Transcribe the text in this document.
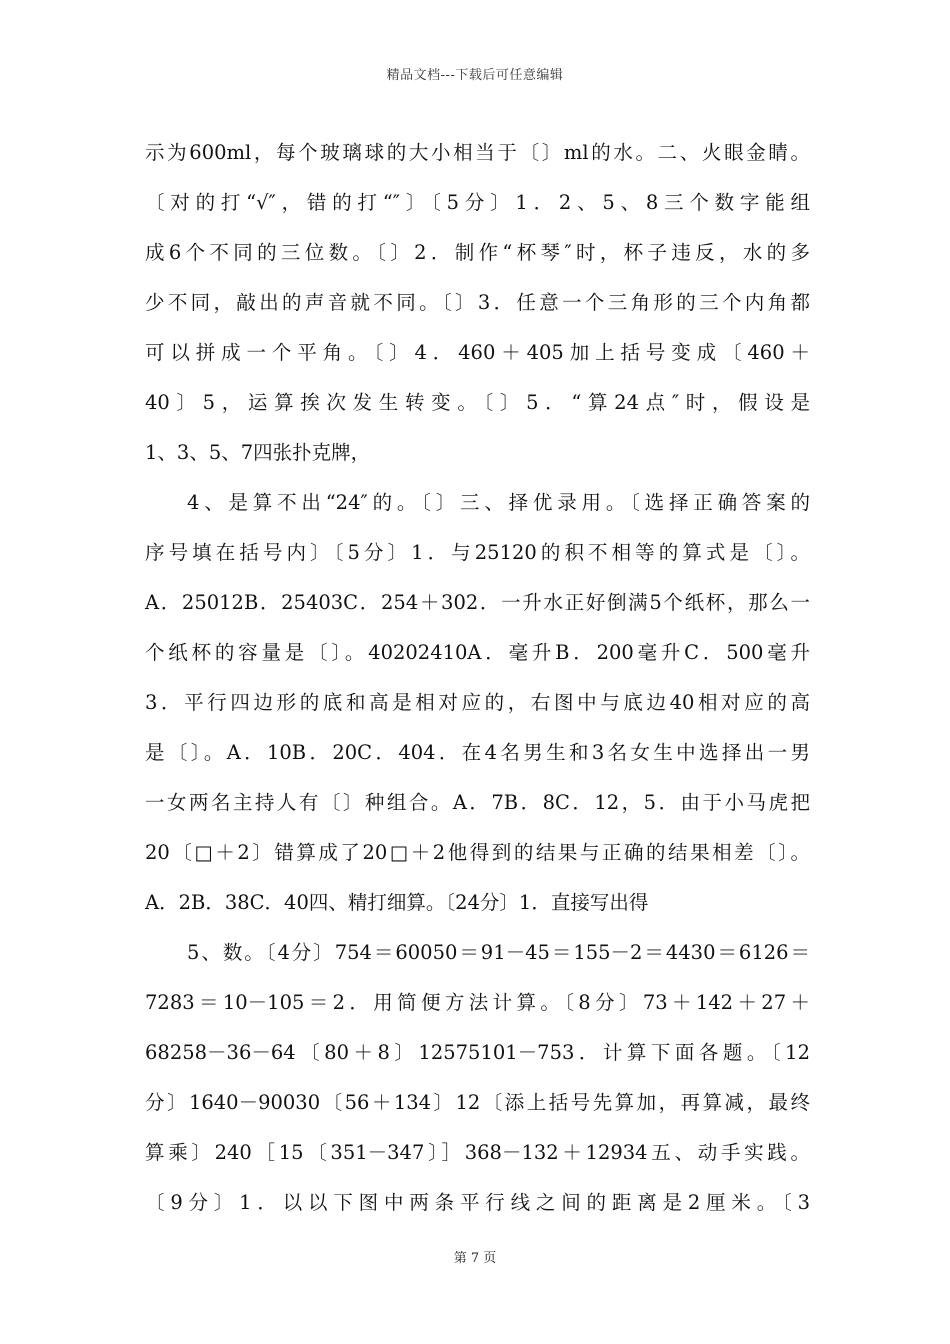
精品文档---下载后可任意编辑
示为600ml，每个玻璃球的大小相当于〔〕ml的水。二、火眼金睛。
〔对的打“√″，错的打“″〕〔5分〕1．2、5、8三个数字能组
成6个不同的三位数。〔〕2．制作“杯琴″时，杯子违反，水的多
少不同，敲出的声音就不同。〔〕3．任意一个三角形的三个内角都
可以拼成一个平角。〔〕4．460＋405加上括号变成〔460＋
40〕5，运算挨次发生转变。〔〕5．“算24点″时，假设是
1、3、5、7四张扑克牌，
4、是算不出“24″的。〔〕三、择优录用。〔选择正确答案的
序号填在括号内〕〔5分〕1．与25120的积不相等的算式是〔〕。
A．25012B．25403C．254＋302．一升水正好倒满5个纸杯，那么一
个纸杯的容量是〔〕。40202410A．毫升B．200毫升C．500毫升
3．平行四边形的底和高是相对应的，右图中与底边40相对应的高
是〔〕。A．10B．20C．404．在4名男生和3名女生中选择出一男
一女两名主持人有〔〕种组合。A．7B．8C．12，5．由于小马虎把
20〔□＋2〕错算成了20□＋2他得到的结果与正确的结果相差〔〕。
A．2B．38C．40四、精打细算。〔24分〕1．直接写出得
5、数。〔4分〕754＝60050＝91－45＝155－2＝4430＝6126＝
7283＝10－105＝2．用简便方法计算。〔8分〕73＋142＋27＋
68258－36－64〔80＋8〕12575101－753．计算下面各题。〔12
分〕1640－90030〔56＋134〕12〔添上括号先算加，再算减，最终
算乘〕240［15〔351－347〕］368－132＋12934五、动手实践。
〔9分〕1．以以下图中两条平行线之间的距离是2厘米。〔3
第 7 页
